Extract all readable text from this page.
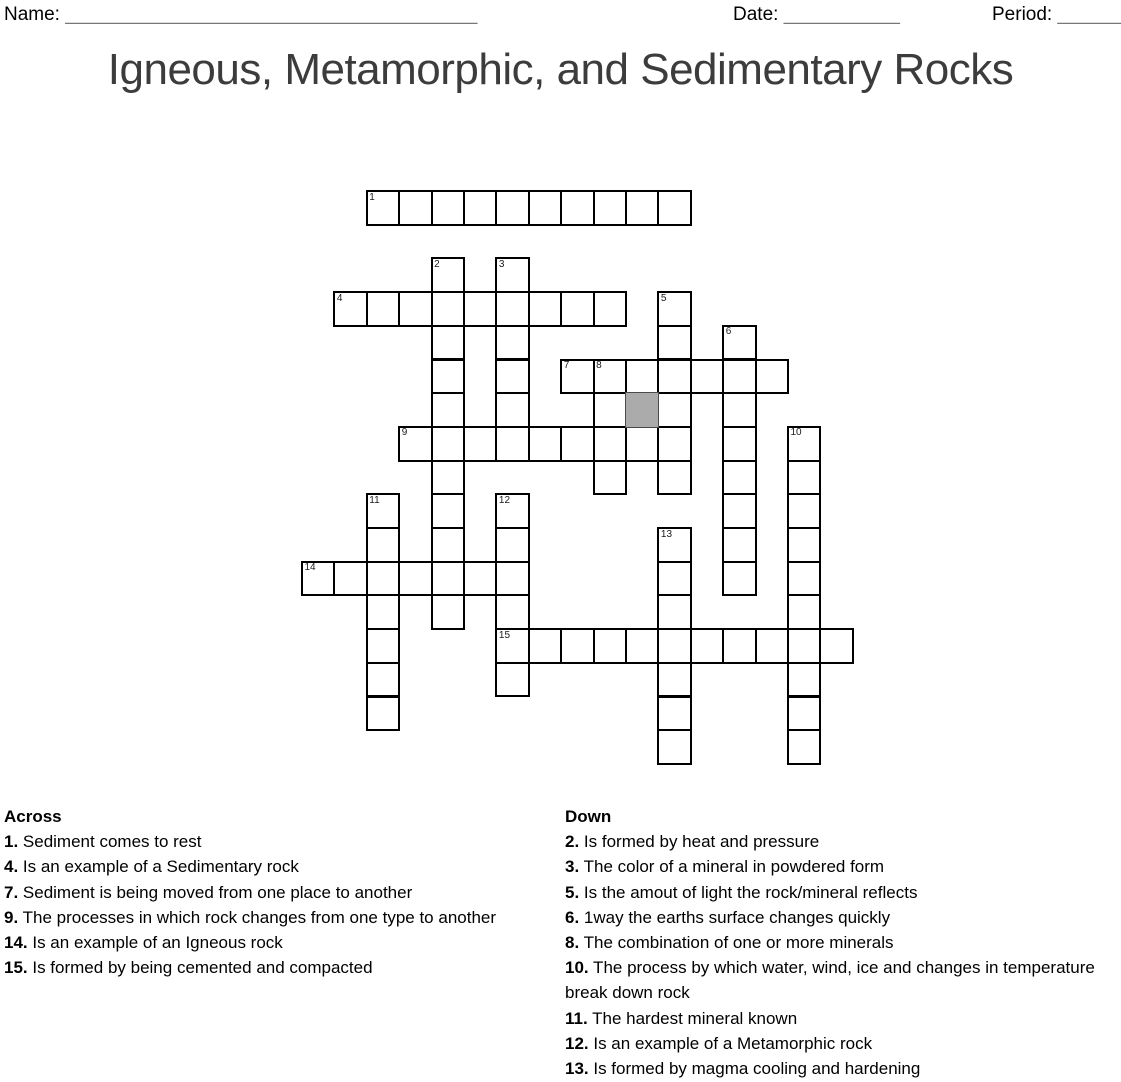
Name: _______________________________________	Date: ___________	Period: ______
Igneous, Metamorphic, and Sedimentary Rocks
1
2	3
4	5
6
7	8
9	10
11	12
13
14
15
Across
1. Sediment comes to rest
4. Is an example of a Sedimentary rock
7. Sediment is being moved from one place to another
9. The processes in which rock changes from one type to another
14. Is an example of an Igneous rock
15. Is formed by being cemented and compacted
Down
2. Is formed by heat and pressure
3. The color of a mineral in powdered form
5. Is the amout of light the rock/mineral reflects
6. 1way the earths surface changes quickly
8. The combination of one or more minerals
10. The process by which water, wind, ice and changes in temperature break down rock
11. The hardest mineral known
12. Is an example of a Metamorphic rock
13. Is formed by magma cooling and hardening
